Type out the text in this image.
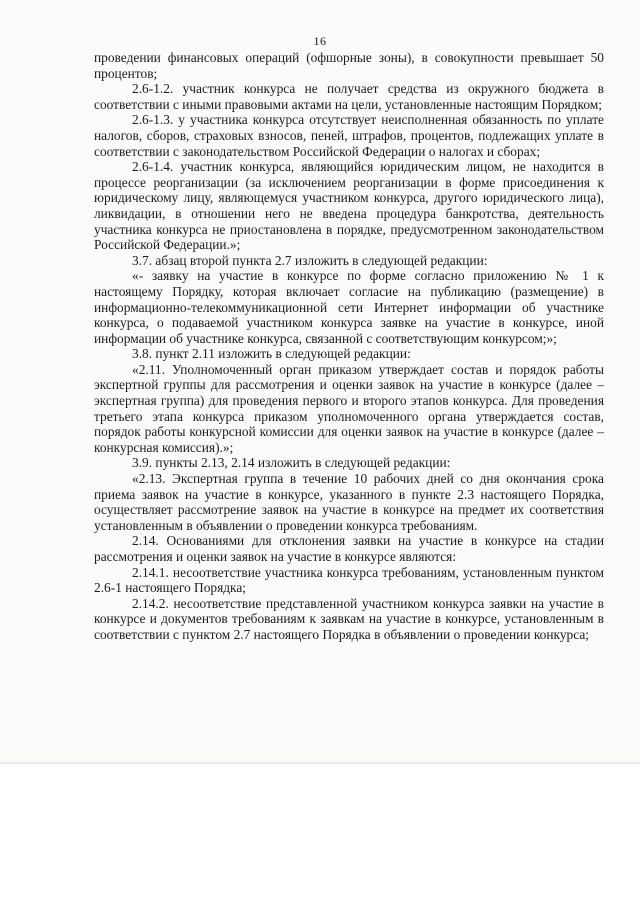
16

проведении финансовых операций (офшорные зоны), в совокупности превышает 50 процентов;

2.6-1.2. участник конкурса не получает средства из окружного бюджета в соответствии с иными правовыми актами на цели, установленные настоящим Порядком;

2.6-1.3. у участника конкурса отсутствует неисполненная обязанность по уплате налогов, сборов, страховых взносов, пеней, штрафов, процентов, подлежащих уплате в соответствии с законодательством Российской Федерации о налогах и сборах;

2.6-1.4. участник конкурса, являющийся юридическим лицом, не находится в процессе реорганизации (за исключением реорганизации в форме присоединения к юридическому лицу, являющемуся участником конкурса, другого юридического лица), ликвидации, в отношении него не введена процедура банкротства, деятельность участника конкурса не приостановлена в порядке, предусмотренном законодательством Российской Федерации.»;

3.7. абзац второй пункта 2.7 изложить в следующей редакции:

«- заявку на участие в конкурсе по форме согласно приложению № 1 к настоящему Порядку, которая включает согласие на публикацию (размещение) в информационно-телекоммуникационной сети Интернет информации об участнике конкурса, о подаваемой участником конкурса заявке на участие в конкурсе, иной информации об участнике конкурса, связанной с соответствующим конкурсом;»;

3.8. пункт 2.11 изложить в следующей редакции:

«2.11. Уполномоченный орган приказом утверждает состав и порядок работы экспертной группы для рассмотрения и оценки заявок на участие в конкурсе (далее – экспертная группа) для проведения первого и второго этапов конкурса. Для проведения третьего этапа конкурса приказом уполномоченного органа утверждается состав, порядок работы конкурсной комиссии для оценки заявок на участие в конкурсе (далее – конкурсная комиссия).»;

3.9. пункты 2.13, 2.14 изложить в следующей редакции:

«2.13. Экспертная группа в течение 10 рабочих дней со дня окончания срока приема заявок на участие в конкурсе, указанного в пункте 2.3 настоящего Порядка, осуществляет рассмотрение заявок на участие в конкурсе на предмет их соответствия установленным в объявлении о проведении конкурса требованиям.

2.14. Основаниями для отклонения заявки на участие в конкурсе на стадии рассмотрения и оценки заявок на участие в конкурсе являются:

2.14.1. несоответствие участника конкурса требованиям, установленным пунктом 2.6-1 настоящего Порядка;

2.14.2. несоответствие представленной участником конкурса заявки на участие в конкурсе и документов требованиям к заявкам на участие в конкурсе, установленным в соответствии с пунктом 2.7 настоящего Порядка в объявлении о проведении конкурса;
